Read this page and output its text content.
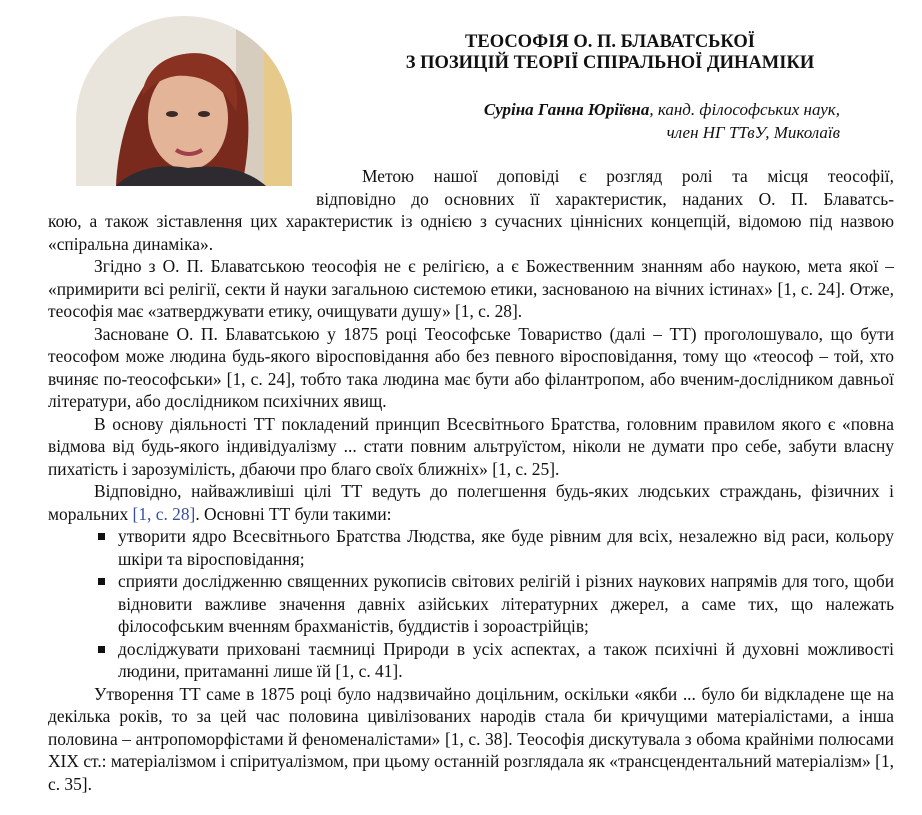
ТЕОСОФІЯ О. П. БЛАВАТСЬКОЇ
З ПОЗИЦІЙ ТЕОРІЇ СПІРАЛЬНОЇ ДИНАМІКИ
Суріна Ганна Юріївна, канд. філософських наук,
член НГ ТТвУ, Миколаїв

Метою нашої доповіді є розгляд ролі та місця теософії,
відповідно до основних її характеристик, наданих О. П. Блаватсь-
кою, а також зіставлення цих характеристик із однією з сучасних ціннісних концепцій, відомою під назвою «спіральна динаміка».

Згідно з О. П. Блаватською теософія не є релігією, а є Божественним знанням або наукою, мета якої – «примирити всі релігії, секти й науки загальною системою етики, заснованою на вічних істинах» [1, с. 24]. Отже, теософія має «затверджувати етику, очищувати душу» [1, с. 28].

Засноване О. П. Блаватською у 1875 році Теософське Товариство (далі – ТТ) проголошувало, що бути теософом може людина будь-якого віросповідання або без певного віросповідання, тому що «теософ – той, хто вчиняє по-теософськи» [1, с. 24], тобто така людина має бути або філантропом, або вченим-дослідником давньої літератури, або дослідником психічних явищ.

В основу діяльності ТТ покладений принцип Всесвітнього Братства, головним правилом якого є «повна відмова від будь-якого індивідуалізму ... стати повним альтруїстом, ніколи не думати про себе, забути власну пихатість і зарозумілість, дбаючи про благо своїх ближніх» [1, с. 25].

Відповідно, найважливіші цілі ТТ ведуть до полегшення будь-яких людських страждань, фізичних і моральних [1, с. 28]. Основні ТТ були такими:

утворити ядро Всесвітнього Братства Людства, яке буде рівним для всіх, незалежно від раси, кольору шкіри та віросповідання;
сприяти дослідженню священних рукописів світових релігій і різних наукових напрямів для того, щоби відновити важливе значення давніх азійських літературних джерел, а саме тих, що належать філософським вченням брахманістів, буддистів і зороастрійців;
досліджувати приховані таємниці Природи в усіх аспектах, а також психічні й духовні можливості людини, притаманні лише їй [1, с. 41].

Утворення ТТ саме в 1875 році було надзвичайно доцільним, оскільки «якби ... було би відкладене ще на декілька років, то за цей час половина цивілізованих народів стала би кричущими матеріалістами, а інша половина – антропоморфістами й феноменалістами» [1, с. 38]. Теософія дискутувала з обома крайніми полюсами XIX ст.: матеріалізмом і спіритуалізмом, при цьому останній розглядала як «трансцендентальний матеріалізм» [1, с. 35].
